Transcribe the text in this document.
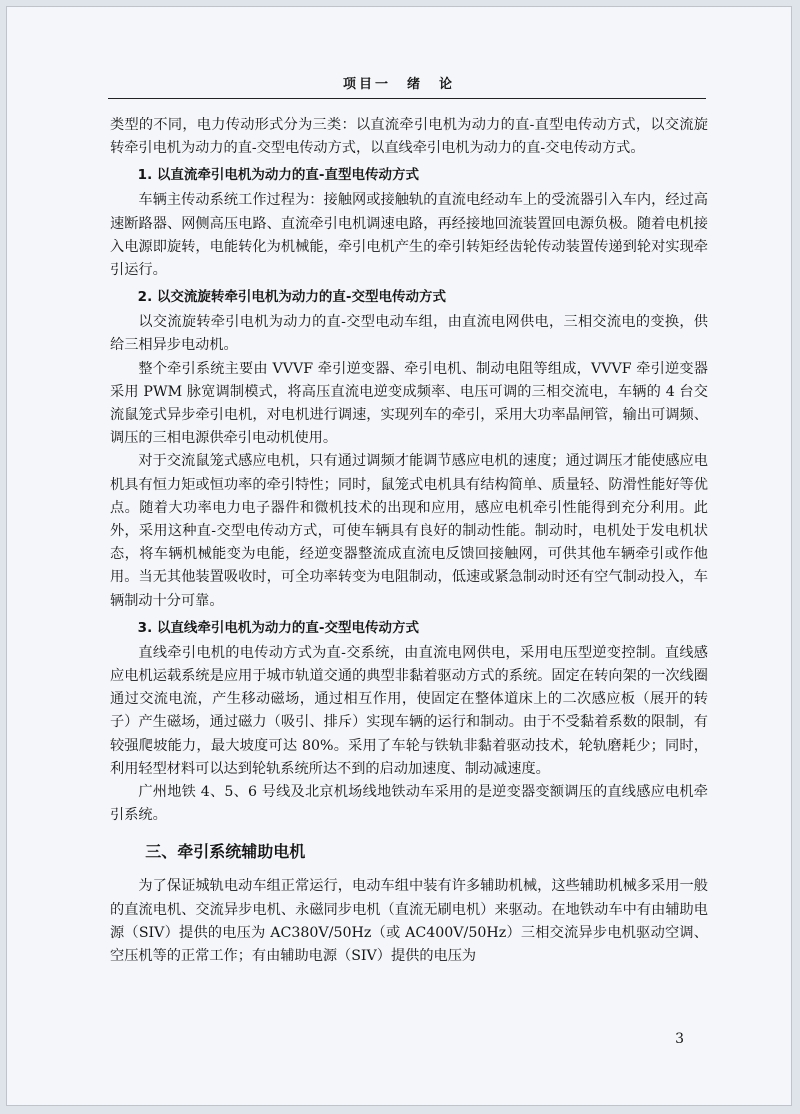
项目一　绪　论

类型的不同，电力传动形式分为三类：以直流牵引电机为动力的直-直型电传动方式，以交流旋转牵引电机为动力的直-交型电传动方式，以直线牵引电机为动力的直-交电传动方式。

1. 以直流牵引电机为动力的直-直型电传动方式

车辆主传动系统工作过程为：接触网或接触轨的直流电经动车上的受流器引入车内，经过高速断路器、网侧高压电路、直流牵引电机调速电路，再经接地回流装置回电源负极。随着电机接入电源即旋转，电能转化为机械能，牵引电机产生的牵引转矩经齿轮传动装置传递到轮对实现牵引运行。

2. 以交流旋转牵引电机为动力的直-交型电传动方式

以交流旋转牵引电机为动力的直-交型电动车组，由直流电网供电，三相交流电的变换，供给三相异步电动机。

整个牵引系统主要由 VVVF 牵引逆变器、牵引电机、制动电阻等组成，VVVF 牵引逆变器采用 PWM 脉宽调制模式，将高压直流电逆变成频率、电压可调的三相交流电，车辆的 4 台交流鼠笼式异步牵引电机，对电机进行调速，实现列车的牵引，采用大功率晶闸管，输出可调频、调压的三相电源供牵引电动机使用。

对于交流鼠笼式感应电机，只有通过调频才能调节感应电机的速度；通过调压才能使感应电机具有恒力矩或恒功率的牵引特性；同时，鼠笼式电机具有结构简单、质量轻、防滑性能好等优点。随着大功率电力电子器件和微机技术的出现和应用，感应电机牵引性能得到充分利用。此外，采用这种直-交型电传动方式，可使车辆具有良好的制动性能。制动时，电机处于发电机状态，将车辆机械能变为电能，经逆变器整流成直流电反馈回接触网，可供其他车辆牵引或作他用。当无其他装置吸收时，可全功率转变为电阻制动，低速或紧急制动时还有空气制动投入，车辆制动十分可靠。

3. 以直线牵引电机为动力的直-交型电传动方式

直线牵引电机的电传动方式为直-交系统，由直流电网供电，采用电压型逆变控制。直线感应电机运载系统是应用于城市轨道交通的典型非黏着驱动方式的系统。固定在转向架的一次线圈通过交流电流，产生移动磁场，通过相互作用，使固定在整体道床上的二次感应板（展开的转子）产生磁场，通过磁力（吸引、排斥）实现车辆的运行和制动。由于不受黏着系数的限制，有较强爬坡能力，最大坡度可达 80%。采用了车轮与铁轨非黏着驱动技术，轮轨磨耗少；同时，利用轻型材料可以达到轮轨系统所达不到的启动加速度、制动减速度。

广州地铁 4、5、6 号线及北京机场线地铁动车采用的是逆变器变额调压的直线感应电机牵引系统。

三、牵引系统辅助电机

为了保证城轨电动车组正常运行，电动车组中装有许多辅助机械，这些辅助机械多采用一般的直流电机、交流异步电机、永磁同步电机（直流无刷电机）来驱动。在地铁动车中有由辅助电源（SIV）提供的电压为 AC380V/50Hz（或 AC400V/50Hz）三相交流异步电机驱动空调、空压机等的正常工作；有由辅助电源（SIV）提供的电压为

3
